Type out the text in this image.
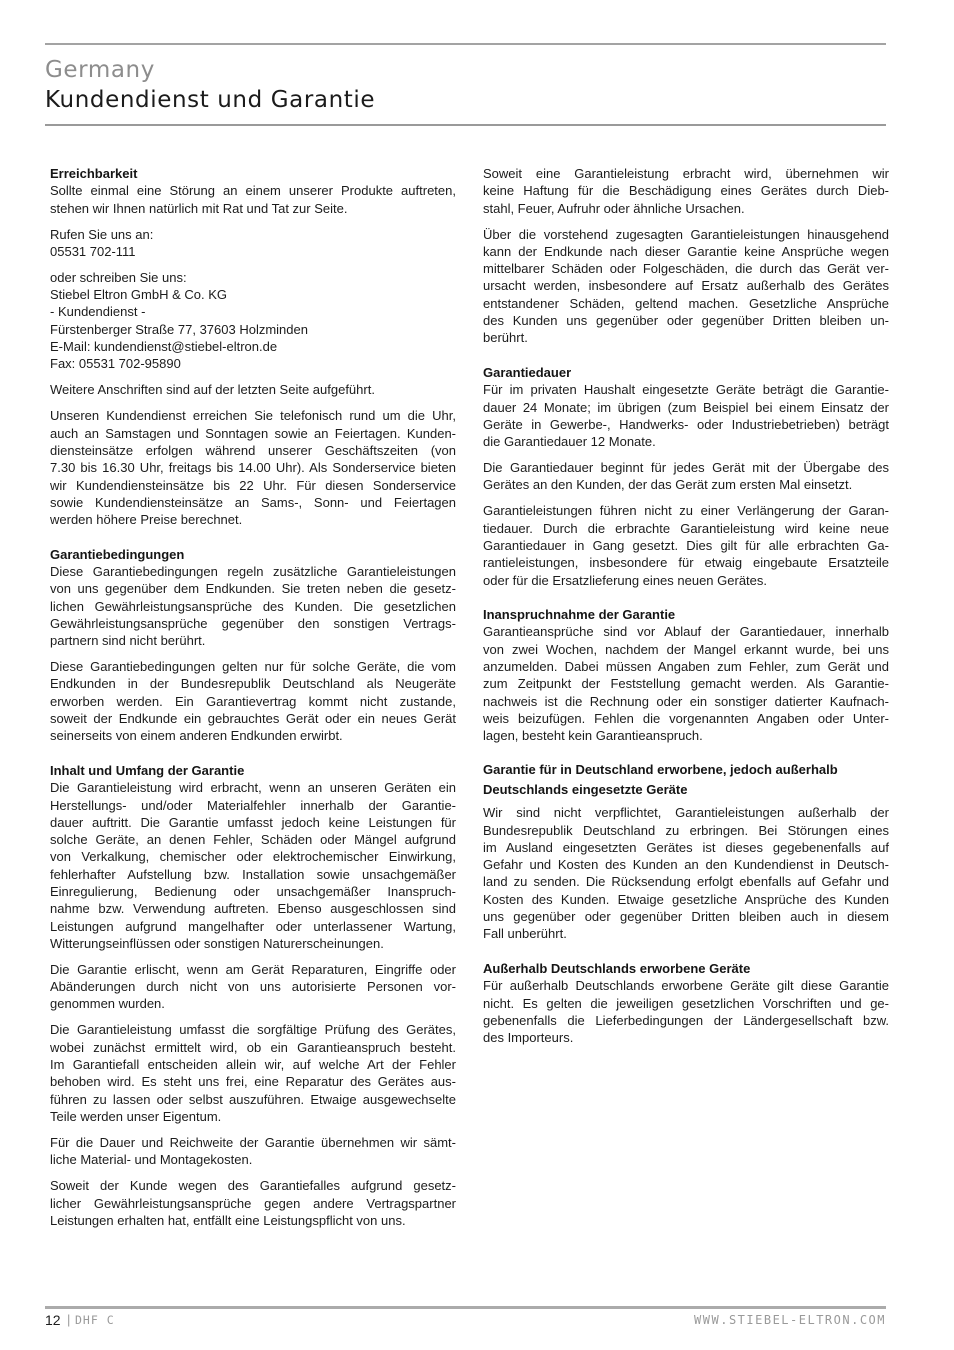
Germany
Kundendienst und Garantie
Erreichbarkeit
Sollte einmal eine Störung an einem unserer Produkte auftreten,
stehen wir Ihnen natürlich mit Rat und Tat zur Seite.
Rufen Sie uns an:
05531 702-111
oder schreiben Sie uns:
Stiebel Eltron GmbH & Co. KG
- Kundendienst -
Fürstenberger Straße 77, 37603 Holzminden
E-Mail: kundendienst@stiebel-eltron.de
Fax: 05531 702-95890
Weitere Anschriften sind auf der letzten Seite aufgeführt.
Unseren Kundendienst erreichen Sie telefonisch rund um die Uhr,
auch an Samstagen und Sonntagen sowie an Feiertagen. Kunden-
diensteinsätze erfolgen während unserer Geschäftszeiten (von
7.30 bis 16.30 Uhr, freitags bis 14.00 Uhr). Als Sonderservice bieten
wir Kundendiensteinsätze bis 22 Uhr. Für diesen Sonderservice
sowie Kundendiensteinsätze an Sams-, Sonn- und Feiertagen
werden höhere Preise berechnet.
Garantiebedingungen
Diese Garantiebedingungen regeln zusätzliche Garantieleistungen
von uns gegenüber dem Endkunden. Sie treten neben die gesetz-
lichen Gewährleistungsansprüche des Kunden. Die gesetzlichen
Gewährleistungsansprüche gegenüber den sonstigen Vertrags-
partnern sind nicht berührt.
Diese Garantiebedingungen gelten nur für solche Geräte, die vom
Endkunden in der Bundesrepublik Deutschland als Neugeräte
erworben werden. Ein Garantievertrag kommt nicht zustande,
soweit der Endkunde ein gebrauchtes Gerät oder ein neues Gerät
seinerseits von einem anderen Endkunden erwirbt.
Inhalt und Umfang der Garantie
Die Garantieleistung wird erbracht, wenn an unseren Geräten ein
Herstellungs- und/oder Materialfehler innerhalb der Garantie-
dauer auftritt. Die Garantie umfasst jedoch keine Leistungen für
solche Geräte, an denen Fehler, Schäden oder Mängel aufgrund
von Verkalkung, chemischer oder elektrochemischer Einwirkung,
fehlerhafter Aufstellung bzw. Installation sowie unsachgemäßer
Einregulierung, Bedienung oder unsachgemäßer Inanspruch-
nahme bzw. Verwendung auftreten. Ebenso ausgeschlossen sind
Leistungen aufgrund mangelhafter oder unterlassener Wartung,
Witterungseinflüssen oder sonstigen Naturerscheinungen.
Die Garantie erlischt, wenn am Gerät Reparaturen, Eingriffe oder
Abänderungen durch nicht von uns autorisierte Personen vor-
genommen wurden.
Die Garantieleistung umfasst die sorgfältige Prüfung des Gerätes,
wobei zunächst ermittelt wird, ob ein Garantieanspruch besteht.
Im Garantiefall entscheiden allein wir, auf welche Art der Fehler
behoben wird. Es steht uns frei, eine Reparatur des Gerätes aus-
führen zu lassen oder selbst auszuführen. Etwaige ausgewechselte
Teile werden unser Eigentum.
Für die Dauer und Reichweite der Garantie übernehmen wir sämt-
liche Material- und Montagekosten.
Soweit der Kunde wegen des Garantiefalles aufgrund gesetz-
licher Gewährleistungsansprüche gegen andere Vertragspartner
Leistungen erhalten hat, entfällt eine Leistungspflicht von uns.
Soweit eine Garantieleistung erbracht wird, übernehmen wir
keine Haftung für die Beschädigung eines Gerätes durch Dieb-
stahl, Feuer, Aufruhr oder ähnliche Ursachen.
Über die vorstehend zugesagten Garantieleistungen hinausgehend
kann der Endkunde nach dieser Garantie keine Ansprüche wegen
mittelbarer Schäden oder Folgeschäden, die durch das Gerät ver-
ursacht werden, insbesondere auf Ersatz außerhalb des Gerätes
entstandener Schäden, geltend machen. Gesetzliche Ansprüche
des Kunden uns gegenüber oder gegenüber Dritten bleiben un-
berührt.
Garantiedauer
Für im privaten Haushalt eingesetzte Geräte beträgt die Garantie-
dauer 24 Monate; im übrigen (zum Beispiel bei einem Einsatz der
Geräte in Gewerbe-, Handwerks- oder Industriebetrieben) beträgt
die Garantiedauer 12 Monate.
Die Garantiedauer beginnt für jedes Gerät mit der Übergabe des
Gerätes an den Kunden, der das Gerät zum ersten Mal einsetzt.
Garantieleistungen führen nicht zu einer Verlängerung der Garan-
tiedauer. Durch die erbrachte Garantieleistung wird keine neue
Garantiedauer in Gang gesetzt. Dies gilt für alle erbrachten Ga-
rantieleistungen, insbesondere für etwaig eingebaute Ersatzteile
oder für die Ersatzlieferung eines neuen Gerätes.
Inanspruchnahme der Garantie
Garantieansprüche sind vor Ablauf der Garantiedauer, innerhalb
von zwei Wochen, nachdem der Mangel erkannt wurde, bei uns
anzumelden. Dabei müssen Angaben zum Fehler, zum Gerät und
zum Zeitpunkt der Feststellung gemacht werden. Als Garantie-
nachweis ist die Rechnung oder ein sonstiger datierter Kaufnach-
weis beizufügen. Fehlen die vorgenannten Angaben oder Unter-
lagen, besteht kein Garantieanspruch.
Garantie für in Deutschland erworbene, jedoch außerhalb
Deutschlands eingesetzte Geräte
Wir sind nicht verpflichtet, Garantieleistungen außerhalb der
Bundesrepublik Deutschland zu erbringen. Bei Störungen eines
im Ausland eingesetzten Gerätes ist dieses gegebenenfalls auf
Gefahr und Kosten des Kunden an den Kundendienst in Deutsch-
land zu senden. Die Rücksendung erfolgt ebenfalls auf Gefahr und
Kosten des Kunden. Etwaige gesetzliche Ansprüche des Kunden
uns gegenüber oder gegenüber Dritten bleiben auch in diesem
Fall unberührt.
Außerhalb Deutschlands erworbene Geräte
Für außerhalb Deutschlands erworbene Geräte gilt diese Garantie
nicht. Es gelten die jeweiligen gesetzlichen Vorschriften und ge-
gebenenfalls die Lieferbedingungen der Ländergesellschaft bzw.
des Importeurs.
12 | DHF C	WWW.STIEBEL-ELTRON.COM
